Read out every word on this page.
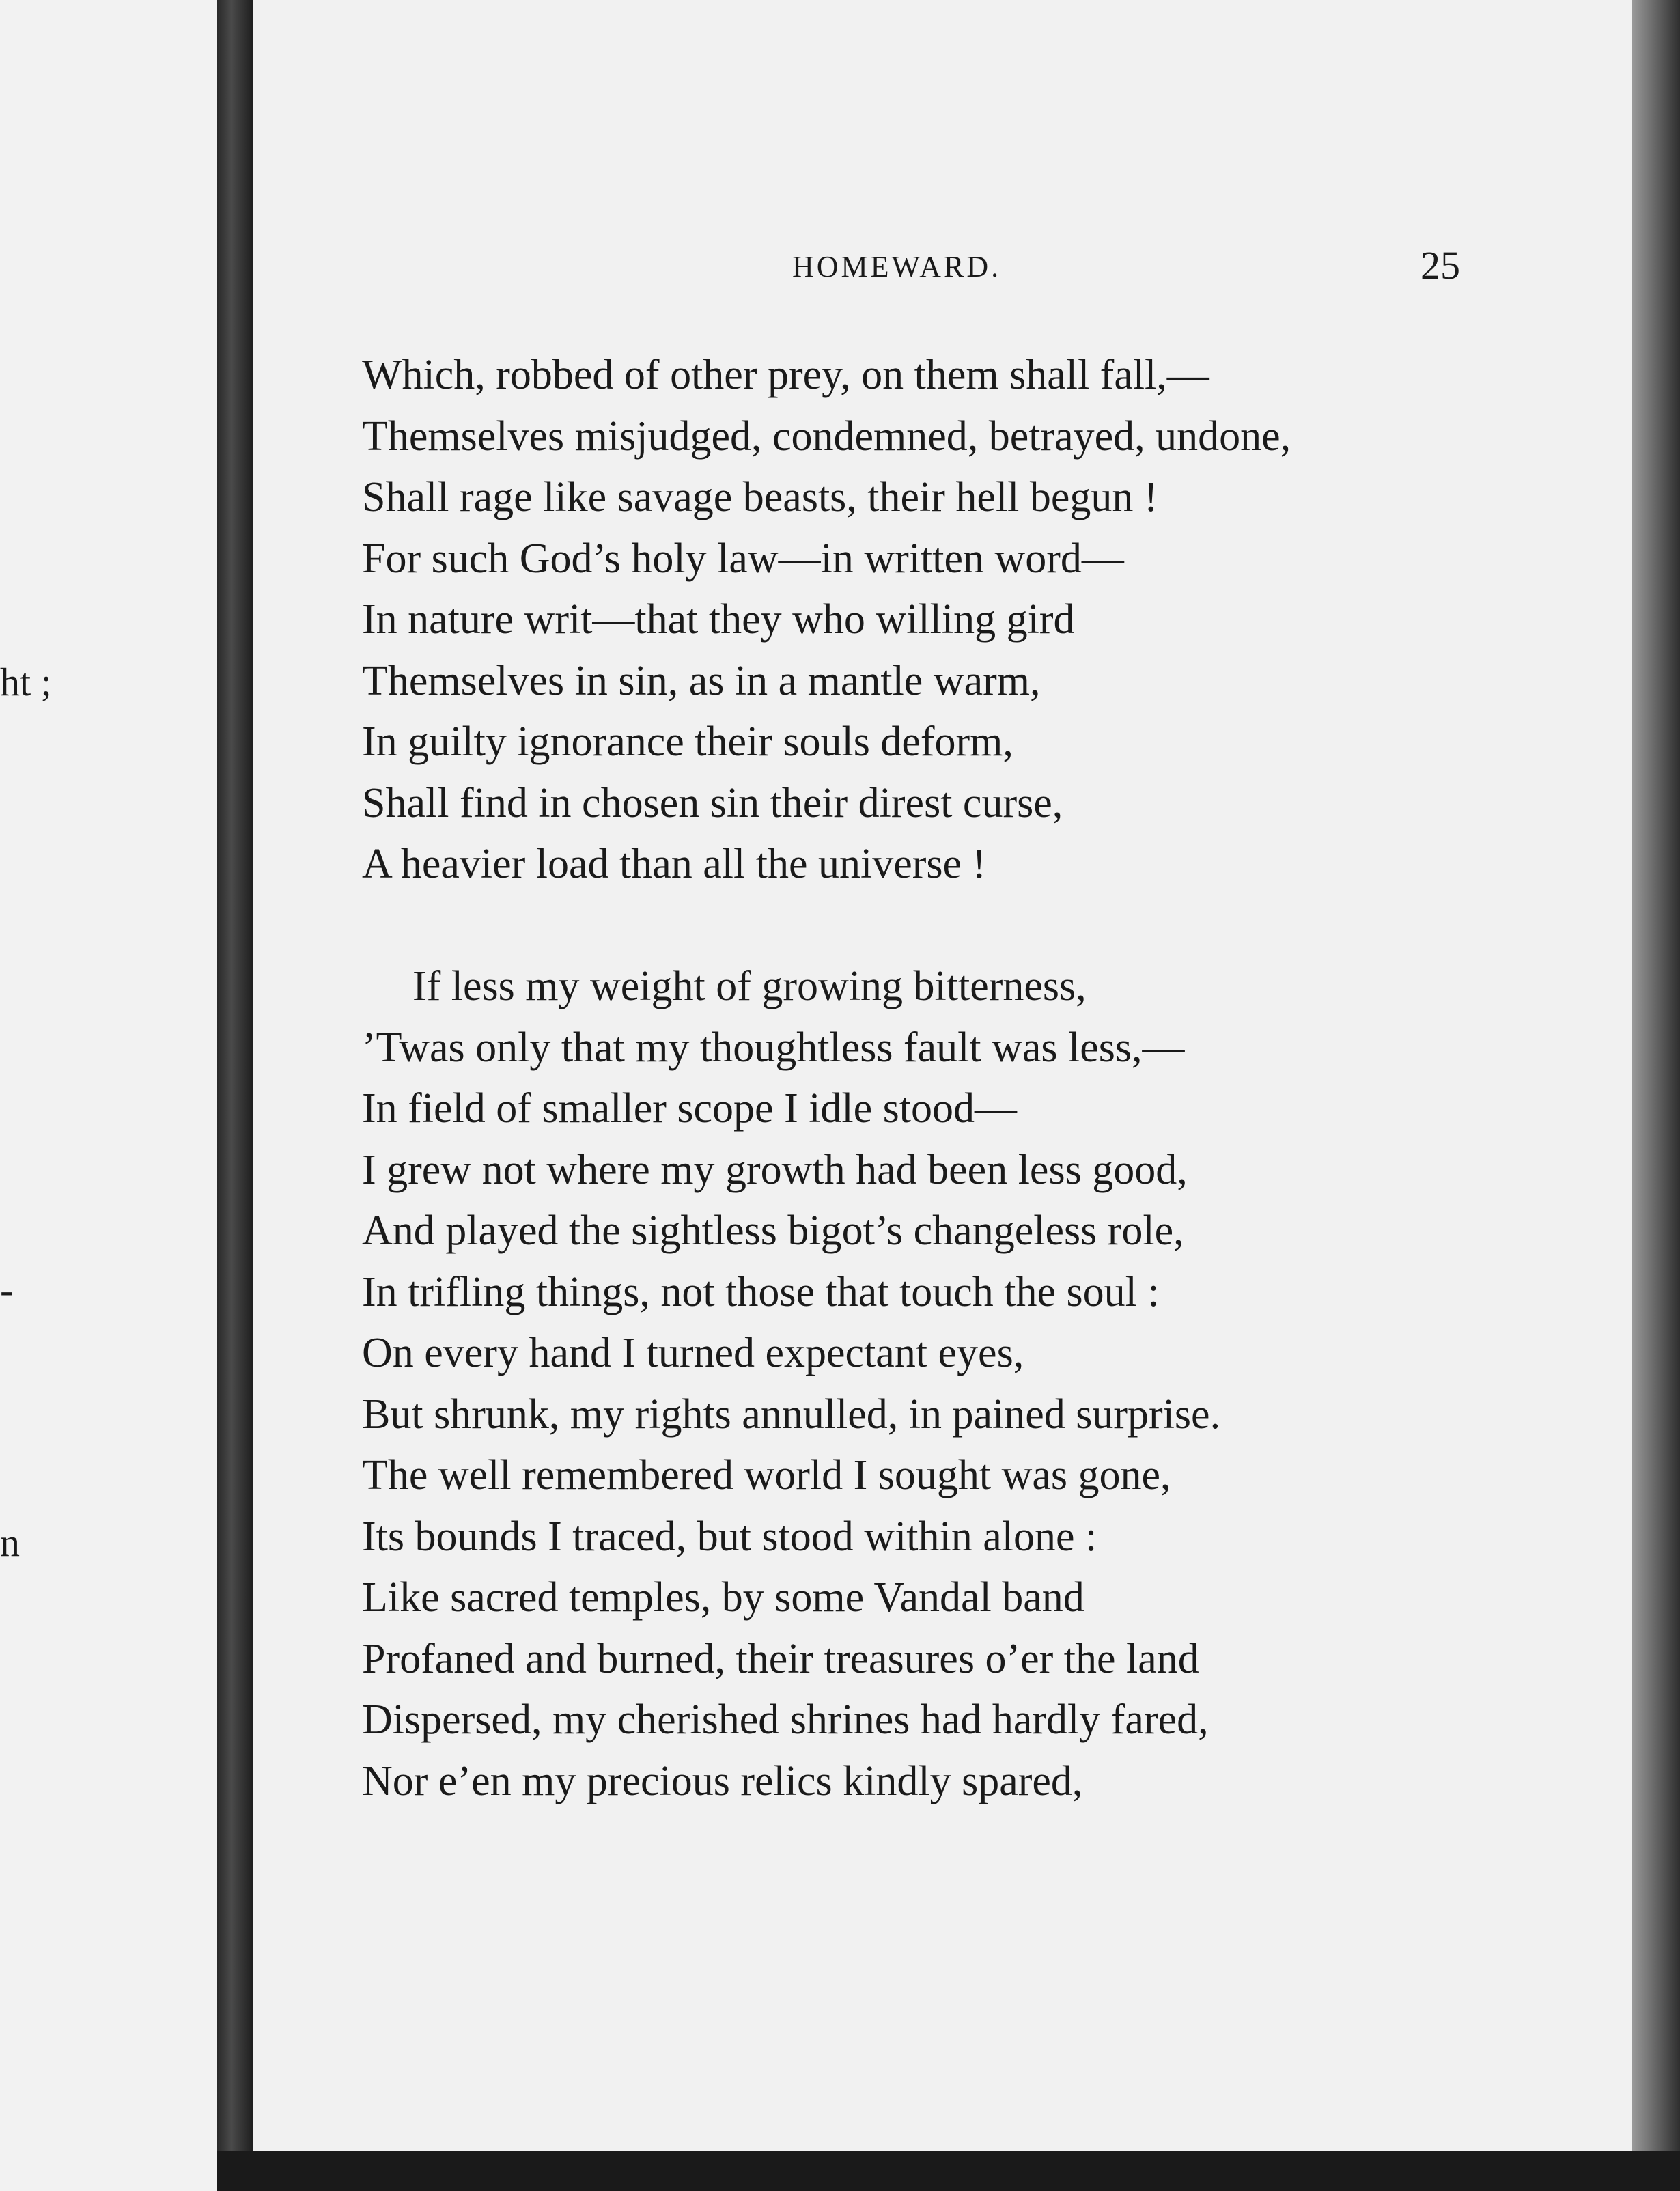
ht ;
-
n
HOMEWARD.	25
Which, robbed of other prey, on them shall fall,—
Themselves misjudged, condemned, betrayed, undone,
Shall rage like savage beasts, their hell begun !
For such God’s holy law—in written word—
In nature writ—that they who willing gird
Themselves in sin, as in a mantle warm,
In guilty ignorance their souls deform,
Shall find in chosen sin their direst curse,
A heavier load than all the universe !
If less my weight of growing bitterness,
’Twas only that my thoughtless fault was less,—
In field of smaller scope I idle stood—
I grew not where my growth had been less good,
And played the sightless bigot’s changeless role,
In trifling things, not those that touch the soul :
On every hand I turned expectant eyes,
But shrunk, my rights annulled, in pained surprise.
The well remembered world I sought was gone,
Its bounds I traced, but stood within alone :
Like sacred temples, by some Vandal band
Profaned and burned, their treasures o’er the land
Dispersed, my cherished shrines had hardly fared,
Nor e’en my precious relics kindly spared,
